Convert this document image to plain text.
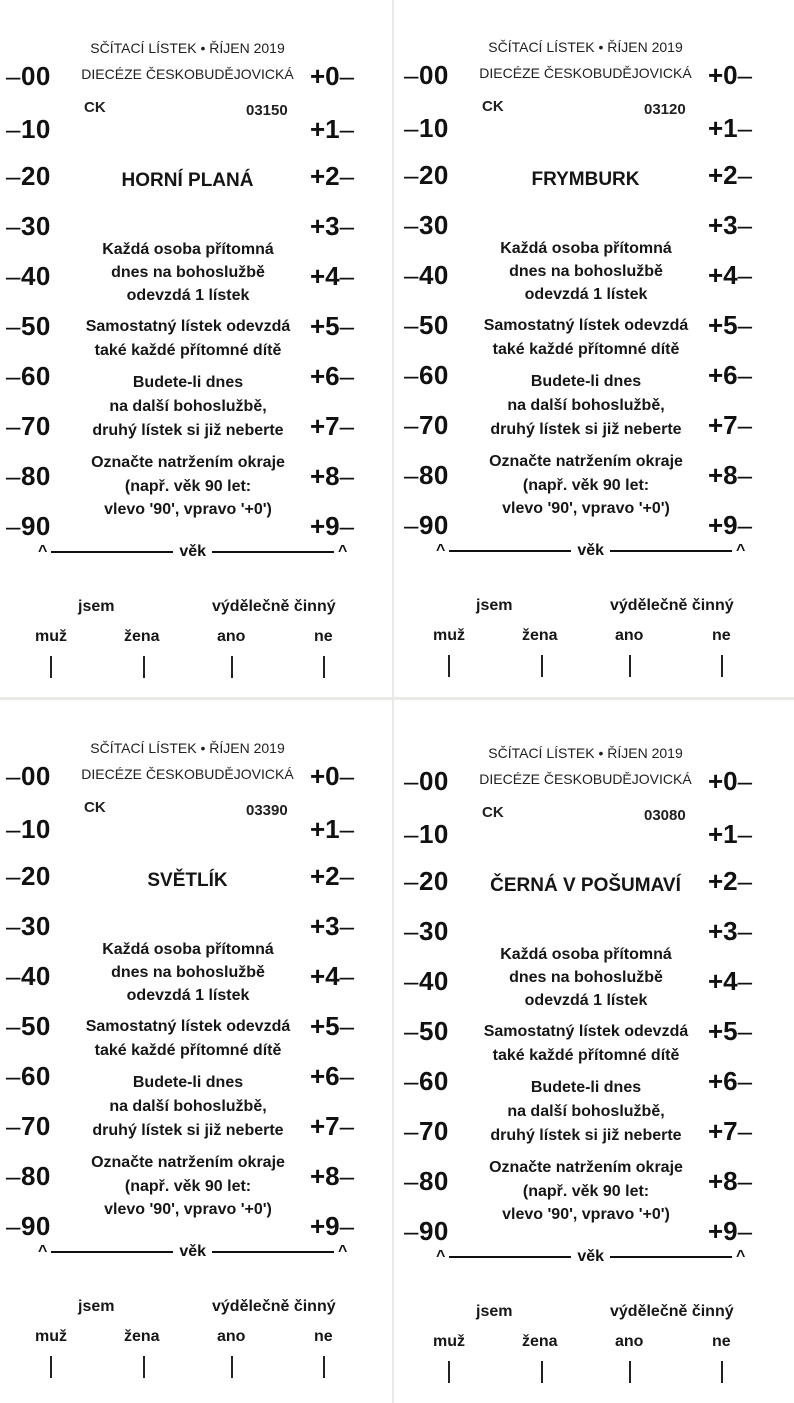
SČÍTACÍ LÍSTEK • ŘÍJEN 2019
DIECÉZE ČESKOBUDĚJOVICKÁ
CK	03150
HORNÍ PLANÁ
–00
–10
–20
–30
–40
–50
–60
–70
–80
–90
+0–
+1–
+2–
+3–
+4–
+5–
+6–
+7–
+8–
+9–
Každá osoba přítomná
dnes na bohoslužbě
odevzdá 1 lístek
Samostatný lístek odevzdá
také každé přítomné dítě
Budete-li dnes
na další bohoslužbě,
druhý lístek si již neberte
Označte natržením okraje
(např. věk 90 let:
vlevo '90', vpravo '+0')
^	věk	^
jsem	výdělečně činný
muž	žena	ano	ne
SČÍTACÍ LÍSTEK • ŘÍJEN 2019
DIECÉZE ČESKOBUDĚJOVICKÁ
CK	03120
FRYMBURK
–00
–10
–20
–30
–40
–50
–60
–70
–80
–90
+0–
+1–
+2–
+3–
+4–
+5–
+6–
+7–
+8–
+9–
Každá osoba přítomná
dnes na bohoslužbě
odevzdá 1 lístek
Samostatný lístek odevzdá
také každé přítomné dítě
Budete-li dnes
na další bohoslužbě,
druhý lístek si již neberte
Označte natržením okraje
(např. věk 90 let:
vlevo '90', vpravo '+0')
^	věk	^
jsem	výdělečně činný
muž	žena	ano	ne
SČÍTACÍ LÍSTEK • ŘÍJEN 2019
DIECÉZE ČESKOBUDĚJOVICKÁ
CK	03390
SVĚTLÍK
–00
–10
–20
–30
–40
–50
–60
–70
–80
–90
+0–
+1–
+2–
+3–
+4–
+5–
+6–
+7–
+8–
+9–
Každá osoba přítomná
dnes na bohoslužbě
odevzdá 1 lístek
Samostatný lístek odevzdá
také každé přítomné dítě
Budete-li dnes
na další bohoslužbě,
druhý lístek si již neberte
Označte natržením okraje
(např. věk 90 let:
vlevo '90', vpravo '+0')
^	věk	^
jsem	výdělečně činný
muž	žena	ano	ne
SČÍTACÍ LÍSTEK • ŘÍJEN 2019
DIECÉZE ČESKOBUDĚJOVICKÁ
CK	03080
ČERNÁ V POŠUMAVÍ
–00
–10
–20
–30
–40
–50
–60
–70
–80
–90
+0–
+1–
+2–
+3–
+4–
+5–
+6–
+7–
+8–
+9–
Každá osoba přítomná
dnes na bohoslužbě
odevzdá 1 lístek
Samostatný lístek odevzdá
také každé přítomné dítě
Budete-li dnes
na další bohoslužbě,
druhý lístek si již neberte
Označte natržením okraje
(např. věk 90 let:
vlevo '90', vpravo '+0')
^	věk	^
jsem	výdělečně činný
muž	žena	ano	ne
